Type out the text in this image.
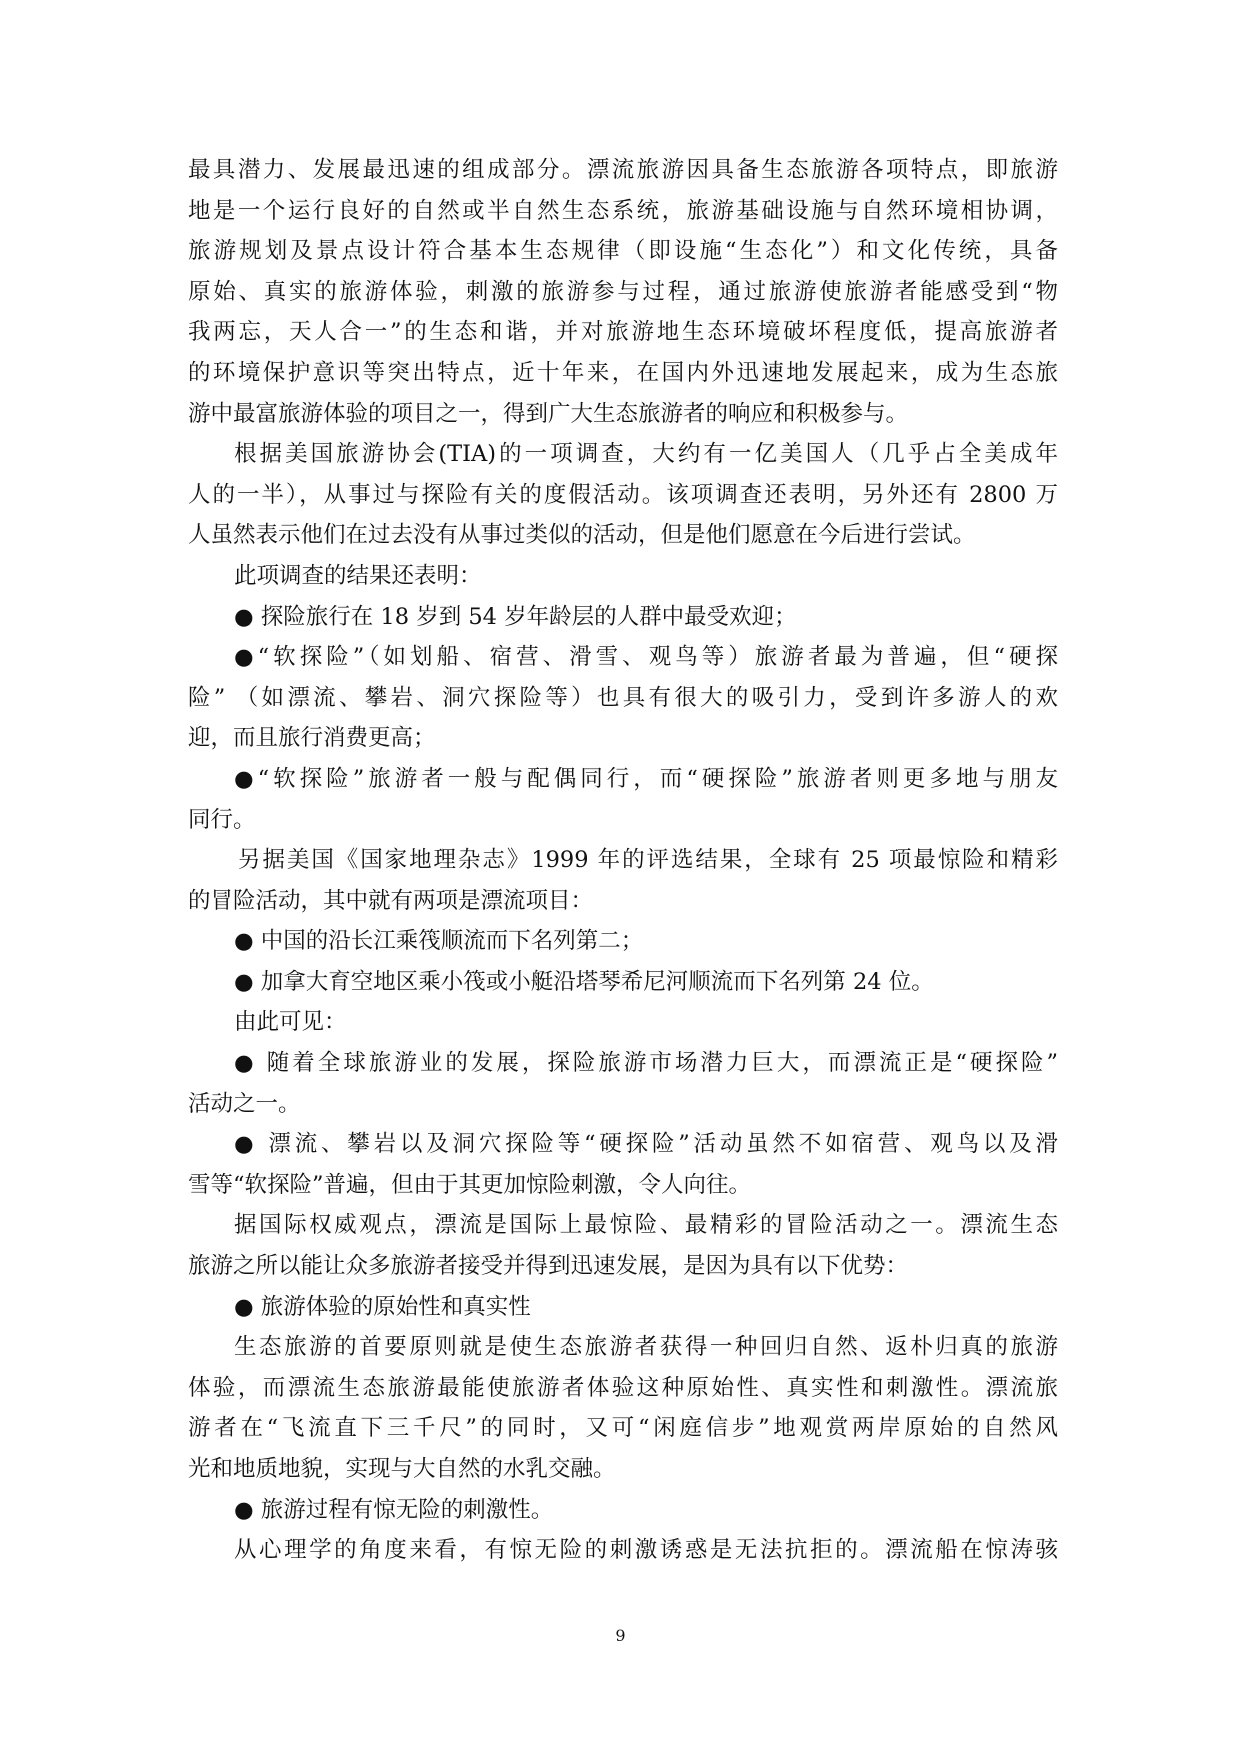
最具潜力、发展最迅速的组成部分。漂流旅游因具备生态旅游各项特点，即旅游
地是一个运行良好的自然或半自然生态系统，旅游基础设施与自然环境相协调，
旅游规划及景点设计符合基本生态规律（即设施“生态化”）和文化传统，具备
原始、真实的旅游体验，刺激的旅游参与过程，通过旅游使旅游者能感受到“物
我两忘，天人合一”的生态和谐，并对旅游地生态环境破坏程度低，提高旅游者
的环境保护意识等突出特点，近十年来，在国内外迅速地发展起来，成为生态旅
游中最富旅游体验的项目之一，得到广大生态旅游者的响应和积极参与。
根据美国旅游协会(TIA)的一项调查，大约有一亿美国人（几乎占全美成年
人的一半），从事过与探险有关的度假活动。该项调查还表明，另外还有 2800 万
人虽然表示他们在过去没有从事过类似的活动，但是他们愿意在今后进行尝试。
此项调查的结果还表明：
● 探险旅行在 18 岁到 54 岁年龄层的人群中最受欢迎；
●“软探险”（如划船、宿营、滑雪、观鸟等）旅游者最为普遍，但“硬探
险” （如漂流、攀岩、洞穴探险等）也具有很大的吸引力，受到许多游人的欢
迎，而且旅行消费更高；
●“软探险”旅游者一般与配偶同行，而“硬探险”旅游者则更多地与朋友
同行。
另据美国《国家地理杂志》1999 年的评选结果，全球有 25 项最惊险和精彩
的冒险活动，其中就有两项是漂流项目：
● 中国的沿长江乘筏顺流而下名列第二；
● 加拿大育空地区乘小筏或小艇沿塔琴希尼河顺流而下名列第 24 位。
由此可见：
● 随着全球旅游业的发展，探险旅游市场潜力巨大，而漂流正是“硬探险”
活动之一。
● 漂流、攀岩以及洞穴探险等“硬探险”活动虽然不如宿营、观鸟以及滑
雪等“软探险”普遍，但由于其更加惊险刺激，令人向往。
据国际权威观点，漂流是国际上最惊险、最精彩的冒险活动之一。漂流生态
旅游之所以能让众多旅游者接受并得到迅速发展，是因为具有以下优势：
● 旅游体验的原始性和真实性
生态旅游的首要原则就是使生态旅游者获得一种回归自然、返朴归真的旅游
体验，而漂流生态旅游最能使旅游者体验这种原始性、真实性和刺激性。漂流旅
游者在“飞流直下三千尺”的同时，又可“闲庭信步”地观赏两岸原始的自然风
光和地质地貌，实现与大自然的水乳交融。
● 旅游过程有惊无险的刺激性。
从心理学的角度来看，有惊无险的刺激诱惑是无法抗拒的。漂流船在惊涛骇
9
